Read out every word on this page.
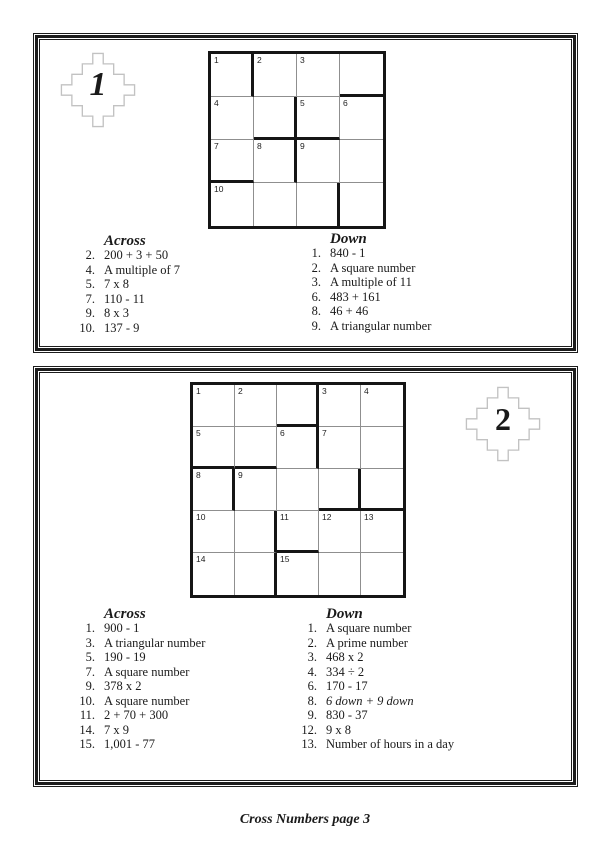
1
1	2	3
4	5	6
7	8	9
10
Across
2. 200 + 3 + 50
4. A multiple of 7
5. 7 x 8
7. 110 - 11
9. 8 x 3
10. 137 - 9
Down
1. 840 - 1
2. A square number
3. A multiple of 11
6. 483 + 161
8. 46 + 46
9. A triangular number
2
1	2	3	4
5	6	7
8	9
10	11	12	13
14	15
Across
1. 900 - 1
3. A triangular number
5. 190 - 19
7. A square number
9. 378 x 2
10. A square number
11. 2 + 70 + 300
14. 7 x 9
15. 1,001 - 77
Down
1. A square number
2. A prime number
3. 468 x 2
4. 334 ÷ 2
6. 170 - 17
8. 6 down + 9 down
9. 830 - 37
12. 9 x 8
13. Number of hours in a day
Cross Numbers page 3
